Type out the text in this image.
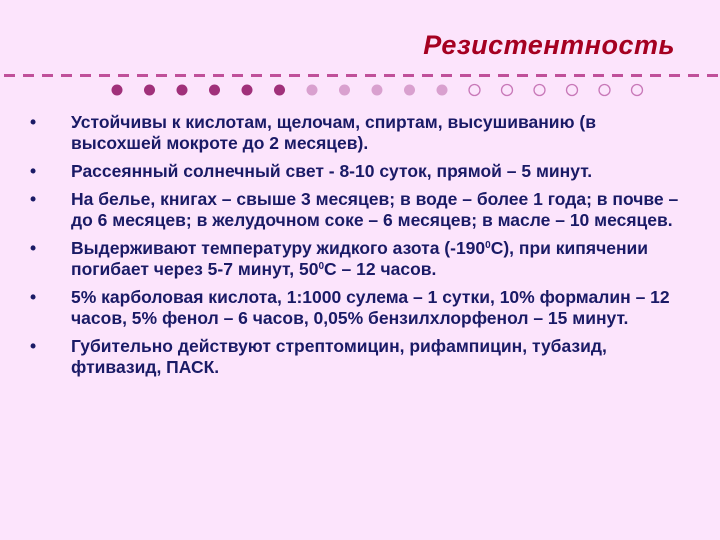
Резистентность
• Устойчивы к кислотам, щелочам, спиртам, высушиванию (в высохшей мокроте до 2 месяцев).
• Рассеянный солнечный свет - 8-10 суток, прямой – 5 минут.
• На белье, книгах – свыше 3 месяцев; в воде – более 1 года; в почве – до 6 месяцев; в желудочном соке – 6 месяцев; в масле – 10 месяцев.
• Выдерживают температуру жидкого азота $(-190^0С)$, при кипячении погибает через 5-7 минут, $50^0С - 12$ часов.
• 5% карболовая кислота, 1:1000 сулема – 1 сутки, 10% формалин – 12 часов, 5% фенол – 6 часов, 0,05% бензилхлорфенол – 15 минут.
• Губительно действуют стрептомицин, рифампицин, тубазид, фтивазид, ПАСК.
